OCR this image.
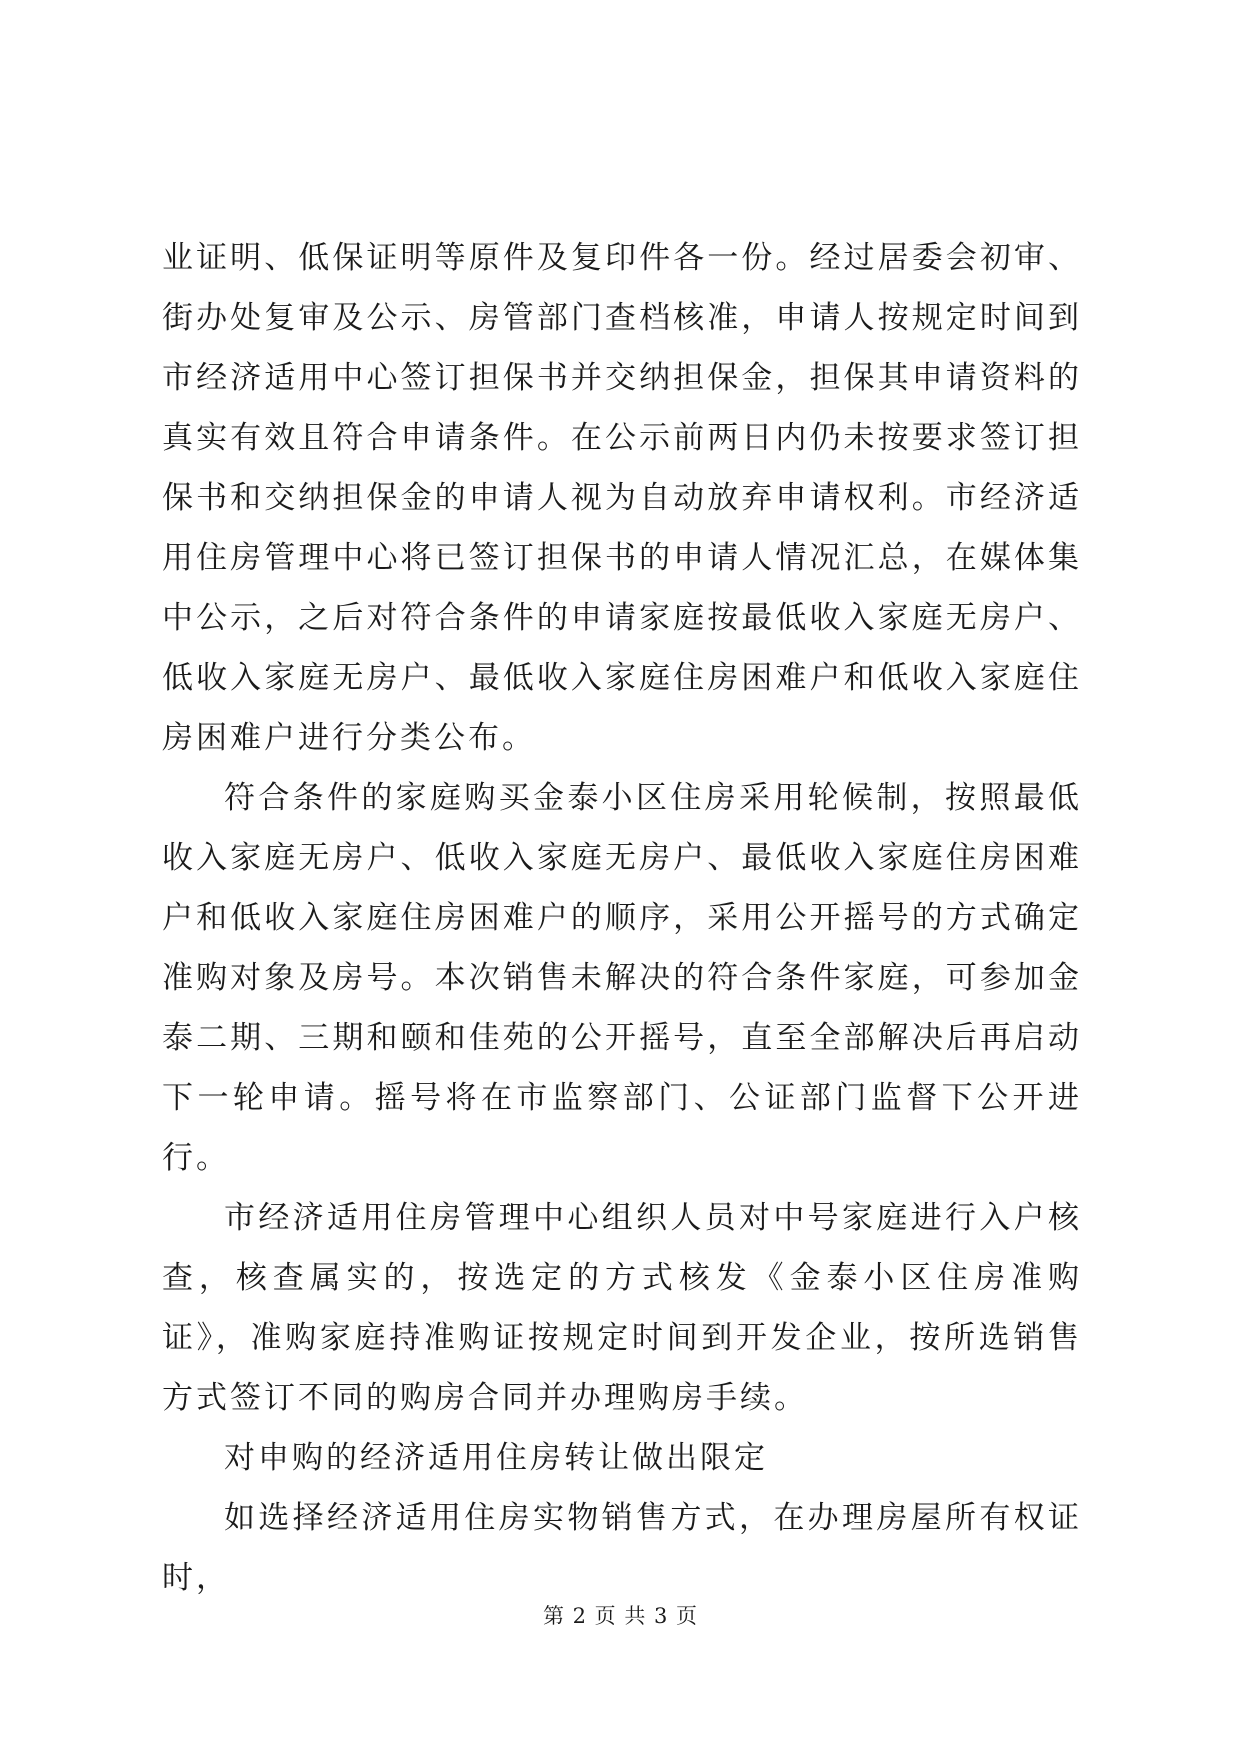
业证明、低保证明等原件及复印件各一份。经过居委会初审、街办处复审及公示、房管部门查档核准，申请人按规定时间到市经济适用中心签订担保书并交纳担保金，担保其申请资料的真实有效且符合申请条件。在公示前两日内仍未按要求签订担保书和交纳担保金的申请人视为自动放弃申请权利。市经济适用住房管理中心将已签订担保书的申请人情况汇总，在媒体集中公示，之后对符合条件的申请家庭按最低收入家庭无房户、低收入家庭无房户、最低收入家庭住房困难户和低收入家庭住房困难户进行分类公布。

符合条件的家庭购买金泰小区住房采用轮候制，按照最低收入家庭无房户、低收入家庭无房户、最低收入家庭住房困难户和低收入家庭住房困难户的顺序，采用公开摇号的方式确定准购对象及房号。本次销售未解决的符合条件家庭，可参加金泰二期、三期和颐和佳苑的公开摇号，直至全部解决后再启动下一轮申请。摇号将在市监察部门、公证部门监督下公开进行。

市经济适用住房管理中心组织人员对中号家庭进行入户核查，核查属实的，按选定的方式核发《金泰小区住房准购证》，准购家庭持准购证按规定时间到开发企业，按所选销售方式签订不同的购房合同并办理购房手续。

对申购的经济适用住房转让做出限定

如选择经济适用住房实物销售方式，在办理房屋所有权证时，

第 2 页 共 3 页
